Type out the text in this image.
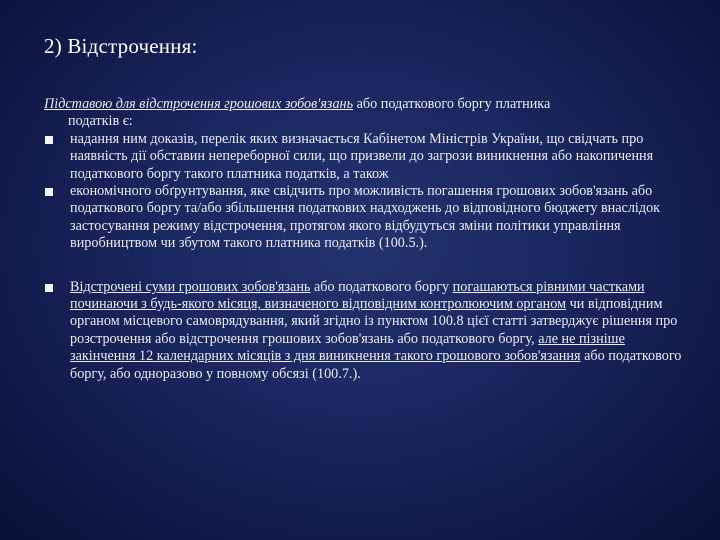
2) Відстрочення:
Підставою для відстрочення грошових зобов'язань або податкового боргу платника
податків є:
надання ним доказів, перелік яких визначається Кабінетом Міністрів України, що свідчать про наявність дії обставин непереборної сили, що призвели до загрози виникнення або накопичення податкового боргу такого платника податків, а також
економічного обґрунтування, яке свідчить про можливість погашення грошових зобов'язань або податкового боргу та/або збільшення податкових надходжень до відповідного бюджету внаслідок застосування режиму відстрочення, протягом якого відбудуться зміни політики управління виробництвом чи збутом такого платника податків (100.5.).
Відстрочені суми грошових зобов'язань або податкового боргу погашаються рівними частками починаючи з будь-якого місяця, визначеного відповідним контролюючим органом чи відповідним органом місцевого самоврядування, який згідно із пунктом 100.8 цієї статті затверджує рішення про розстрочення або відстрочення грошових зобов'язань або податкового боргу, але не пізніше закінчення 12 календарних місяців з дня виникнення такого грошового зобов'язання або податкового боргу, або одноразово у повному обсязі (100.7.).
